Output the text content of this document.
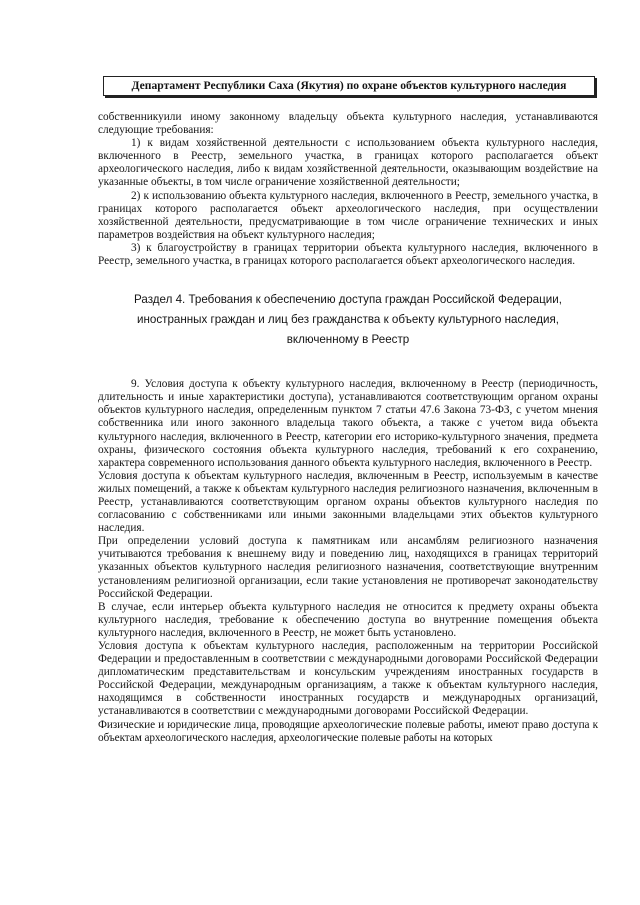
Департамент Республики Саха (Якутия) по охране объектов культурного наследия

собственникуили иному законному владельцу объекта культурного наследия, устанавливаются следующие требования:

1) к видам хозяйственной деятельности с использованием объекта культурного наследия, включенного в Реестр, земельного участка, в границах которого располагается объект археологического наследия, либо к видам хозяйственной деятельности, оказывающим воздействие на указанные объекты, в том числе ограничение хозяйственной деятельности;

2) к использованию объекта культурного наследия, включенного в Реестр, земельного участка, в границах которого располагается объект археологического наследия, при осуществлении хозяйственной деятельности, предусматривающие в том числе ограничение технических и иных параметров воздействия на объект культурного наследия;

3) к благоустройству в границах территории объекта культурного наследия, включенного в Реестр, земельного участка, в границах которого располагается объект археологического наследия.

Раздел 4. Требования к обеспечению доступа граждан Российской Федерации, иностранных граждан и лиц без гражданства к объекту культурного наследия, включенному в Реестр

9. Условия доступа к объекту культурного наследия, включенному в Реестр (периодичность, длительность и иные характеристики доступа), устанавливаются соответствующим органом охраны объектов культурного наследия, определенным пунктом 7 статьи 47.6 Закона 73-ФЗ, с учетом мнения собственника или иного законного владельца такого объекта, а также с учетом вида объекта культурного наследия, включенного в Реестр, категории его историко-культурного значения, предмета охраны, физического состояния объекта культурного наследия, требований к его сохранению, характера современного использования данного объекта культурного наследия, включенного в Реестр.

Условия доступа к объектам культурного наследия, включенным в Реестр, используемым в качестве жилых помещений, а также к объектам культурного наследия религиозного назначения, включенным в Реестр, устанавливаются соответствующим органом охраны объектов культурного наследия по согласованию с собственниками или иными законными владельцами этих объектов культурного наследия.

При определении условий доступа к памятникам или ансамблям религиозного назначения учитываются требования к внешнему виду и поведению лиц, находящихся в границах территорий указанных объектов культурного наследия религиозного назначения, соответствующие внутренним установлениям религиозной организации, если такие установления не противоречат законодательству Российской Федерации.

В случае, если интерьер объекта культурного наследия не относится к предмету охраны объекта культурного наследия, требование к обеспечению доступа во внутренние помещения объекта культурного наследия, включенного в Реестр, не может быть установлено.

Условия доступа к объектам культурного наследия, расположенным на территории Российской Федерации и предоставленным в соответствии с международными договорами Российской Федерации дипломатическим представительствам и консульским учреждениям иностранных государств в Российской Федерации, международным организациям, а также к объектам культурного наследия, находящимся в собственности иностранных государств и международных организаций, устанавливаются в соответствии с международными договорами Российской Федерации.

Физические и юридические лица, проводящие археологические полевые работы, имеют право доступа к объектам археологического наследия, археологические полевые работы на которых
